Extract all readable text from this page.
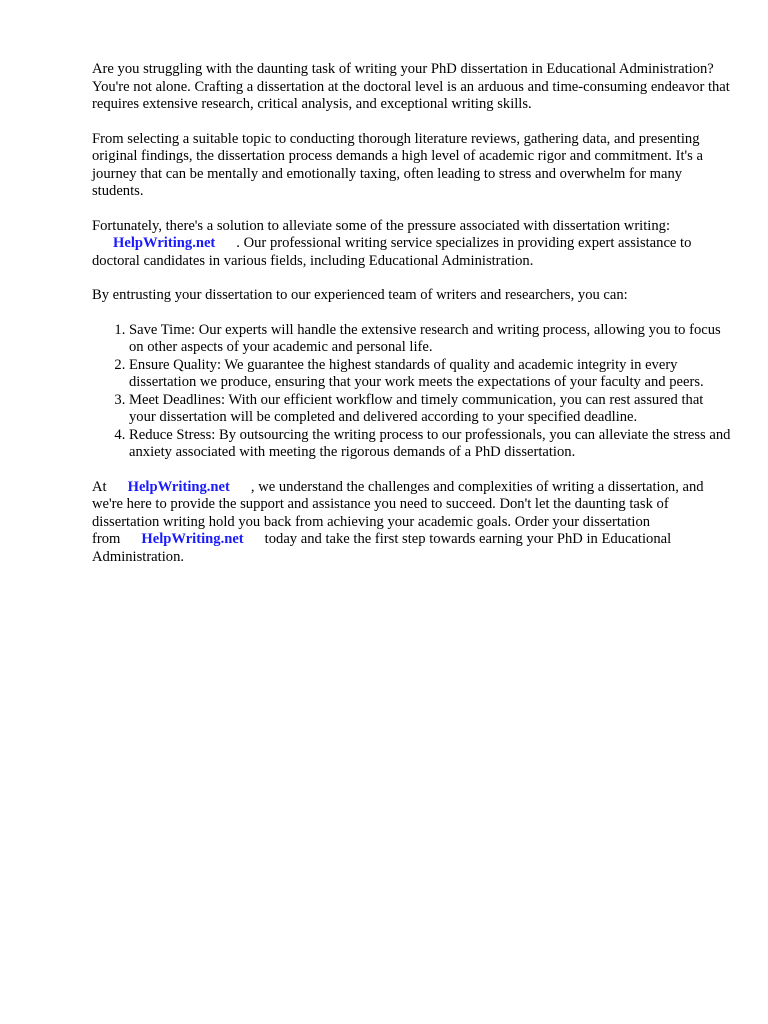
Are you struggling with the daunting task of writing your PhD dissertation in Educational Administration? You're not alone. Crafting a dissertation at the doctoral level is an arduous and time-consuming endeavor that requires extensive research, critical analysis, and exceptional writing skills.

From selecting a suitable topic to conducting thorough literature reviews, gathering data, and presenting original findings, the dissertation process demands a high level of academic rigor and commitment. It's a journey that can be mentally and emotionally taxing, often leading to stress and overwhelm for many students.

Fortunately, there's a solution to alleviate some of the pressure associated with dissertation writing:
HelpWriting.net . Our professional writing service specializes in providing expert assistance to doctoral candidates in various fields, including Educational Administration.

By entrusting your dissertation to our experienced team of writers and researchers, you can:

1. Save Time: Our experts will handle the extensive research and writing process, allowing you to focus on other aspects of your academic and personal life.
2. Ensure Quality: We guarantee the highest standards of quality and academic integrity in every dissertation we produce, ensuring that your work meets the expectations of your faculty and peers.
3. Meet Deadlines: With our efficient workflow and timely communication, you can rest assured that your dissertation will be completed and delivered according to your specified deadline.
4. Reduce Stress: By outsourcing the writing process to our professionals, you can alleviate the stress and anxiety associated with meeting the rigorous demands of a PhD dissertation.

At HelpWriting.net , we understand the challenges and complexities of writing a dissertation, and we're here to provide the support and assistance you need to succeed. Don't let the daunting task of dissertation writing hold you back from achieving your academic goals. Order your dissertation from HelpWriting.net today and take the first step towards earning your PhD in Educational Administration.
